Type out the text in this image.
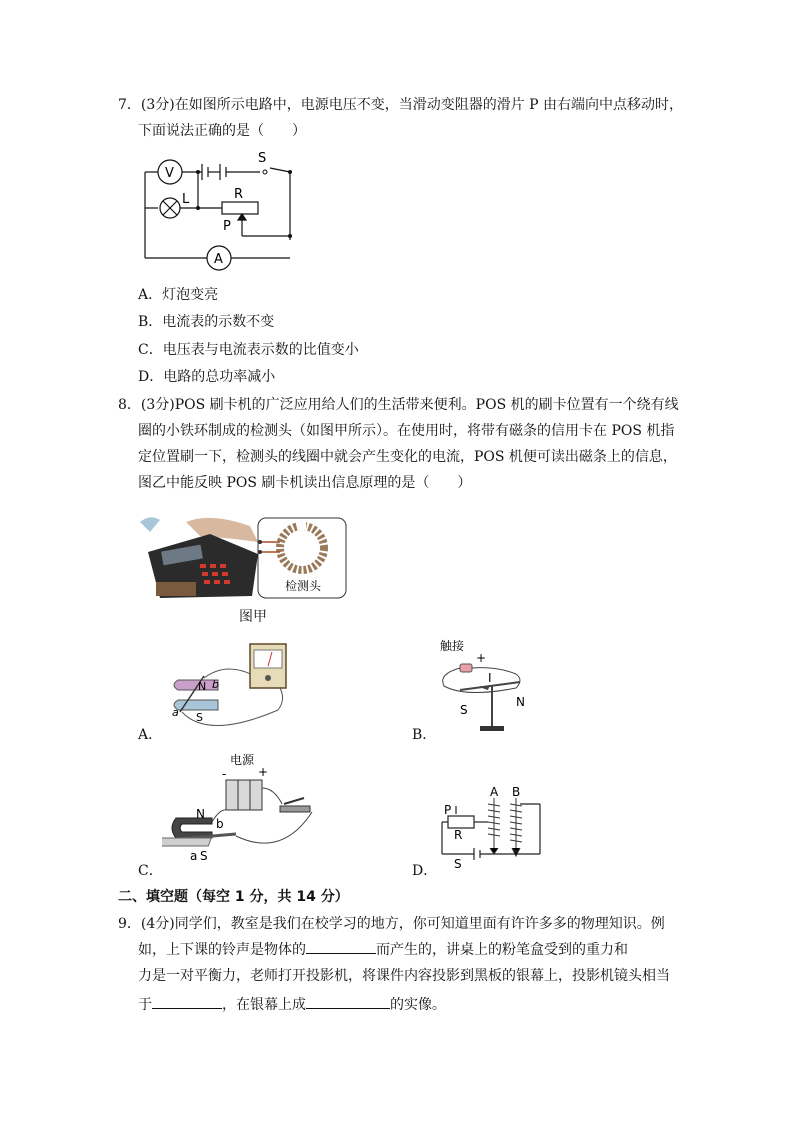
7．(3分)在如图所示电路中，电源电压不变，当滑动变阻器的滑片 P 由右端向中点移动时，
下面说法正确的是（　　）
V
L	R
P
A
S
A．灯泡变亮
B．电流表的示数不变
C．电压表与电流表示数的比值变小
D．电路的总功率减小
8．(3分)POS 刷卡机的广泛应用给人们的生活带来便利。POS 机的刷卡位置有一个绕有线
圈的小铁环制成的检测头（如图甲所示）。在使用时，将带有磁条的信用卡在 POS 机指
定位置刷一下，检测头的线圈中就会产生变化的电流，POS 机便可读出磁条上的信息，
图乙中能反映 POS 刷卡机读出信息原理的是（　　）
检测头
图甲
A．
N
S
a
b
B．
触接
+
I
S
N
C．
电源
-	+
N
b
a S
D．
P
A B
R
S
二、填空题（每空 1 分，共 14 分）
9．(4分)同学们，教室是我们在校学习的地方，你可知道里面有许许多多的物理知识。例
如，上下课的铃声是物体的	而产生的，讲桌上的粉笔盒受到的重力和
力是一对平衡力，老师打开投影机，将课件内容投影到黑板的银幕上，投影机镜头相当
于	，在银幕上成	的实像。
